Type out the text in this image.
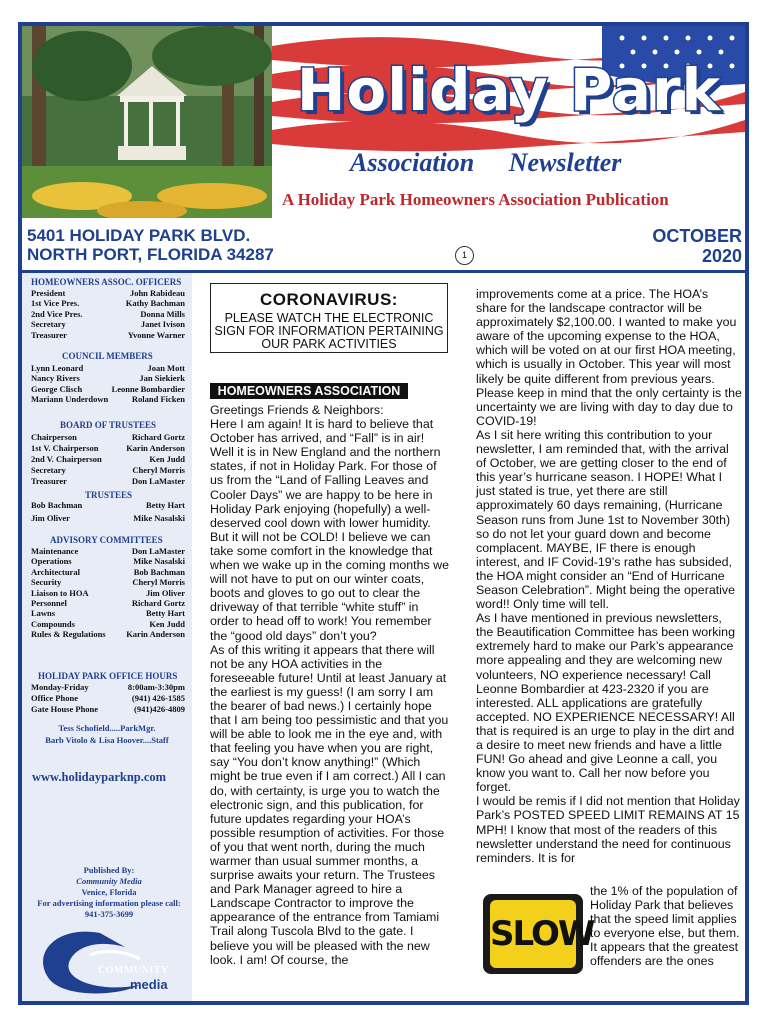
Holiday Park
Association Newsletter
A Holiday Park Homeowners Association Publication
5401 HOLIDAY PARK BLVD.
NORTH PORT, FLORIDA 34287	1
OCTOBER
2020
HOMEOWNERS ASSOC. OFFICERS
COUNCIL MEMBERS
BOARD OF TRUSTEES
TRUSTEES
ADVISORY COMMITTEES
HOLIDAY PARK OFFICE HOURS
President	John Rabideau
1st Vice Pres.	Kathy Bachman
2nd Vice Pres.	Donna Mills
Secretary	Janet Ivison
Treasurer	Yvonne Warner
Lynn Leonard	Joan Mott
Nancy Rivers	Jan Siekierk
George Clisch	Leonne Bombardier
Mariann Underdown	Roland Ficken
Chairperson	Richard Gortz
1st V. Chairperson	Karin Anderson
2nd V. Chairperson	Ken Judd
Secretary	Cheryl Morris
Treasurer	Don LaMaster
Bob Bachman	Betty Hart
Jim Oliver	Mike Nasalski
Maintenance	Don LaMaster
Operations	Mike Nasalski
Architectural	Bob Bachman
Security	Cheryl Morris
Liaison to HOA	Jim Oliver
Personnel	Richard Gortz
Lawns	Betty Hart
Compounds	Ken Judd
Rules & Regulations Karin Anderson
Monday-Friday	8:00am-3:30pm
Office Phone	(941) 426-1585
Gate House Phone	(941)426-4809
Tess Schofield.....ParkMgr.
Barb Vitolo & Lisa Hoover....Staff
www.holidayparknp.com
Published By:
Community Media
Venice, Florida
For advertising information please call:
941-375-3699
COMMUNITY
media
CORONAVIRUS:
PLEASE WATCH THE ELECTRONIC SIGN FOR INFORMATION PERTAINING OUR PARK ACTIVITIES
HOMEOWNERS ASSOCIATION

Greetings Friends & Neighbors:

Here I am again! It is hard to believe that October has arrived, and “Fall” is in air! Well it is in New England and the northern states, if not in Holiday Park. For those of us from the “Land of Falling Leaves and Cooler Days” we are happy to be here in Holiday Park enjoying (hopefully) a well-deserved cool down with lower humidity. But it will not be COLD! I believe we can take some comfort in the knowledge that when we wake up in the coming months we will not have to put on our winter coats, boots and gloves to go out to clear the driveway of that terrible “white stuff” in order to head off to work! You remember the “good old days” don’t you?

As of this writing it appears that there will not be any HOA activities in the foreseeable future! Until at least January at the earliest is my guess! (I am sorry I am the bearer of bad news.) I certainly hope that I am being too pessimistic and that you will be able to look me in the eye and, with that feeling you have when you are right, say “You don’t know anything!” (Which might be true even if I am correct.) All I can do, with certainty, is urge you to watch the electronic sign, and this publication, for future updates regarding your HOA’s possible resumption of activities. For those of you that went north, during the much warmer than usual summer months, a surprise awaits your return. The Trustees and Park Manager agreed to hire a Landscape Contractor to improve the appearance of the entrance from Tamiami Trail along Tuscola Blvd to the gate. I believe you will be pleased with the new look. I am! Of course, the

improvements come at a price. The HOA’s share for the landscape contractor will be approximately $2,100.00. I wanted to make you aware of the upcoming expense to the HOA, which will be voted on at our first HOA meeting, which is usually in October. This year will most likely be quite different from previous years. Please keep in mind that the only certainty is the uncertainty we are living with day to day due to COVID-19!

As I sit here writing this contribution to your newsletter, I am reminded that, with the arrival of October, we are getting closer to the end of this year’s hurricane season. I HOPE! What I just stated is true, yet there are still approximately 60 days remaining, (Hurricane Season runs from June 1st to November 30th) so do not let your guard down and become complacent. MAYBE, IF there is enough interest, and IF Covid-19’s rathe has subsided, the HOA might consider an “End of Hurricane Season Celebration”. Might being the operative word!! Only time will tell.

As I have mentioned in previous newsletters, the Beautification Committee has been working extremely hard to make our Park’s appearance more appealing and they are welcoming new volunteers, NO experience necessary! Call Leonne Bombardier at 423-2320 if you are interested. ALL applications are gratefully accepted. NO EXPERIENCE NECESSARY! All that is required is an urge to play in the dirt and a desire to meet new friends and have a little FUN! Go ahead and give Leonne a call, you know you want to. Call her now before you forget.

I would be remis if I did not mention that Holiday Park’s POSTED SPEED LIMIT REMAINS AT 15 MPH! I know that most of the readers of this newsletter understand the need for continuous reminders. It is for

the 1% of the population of Holiday Park that believes that the speed limit applies to everyone else, but them. It appears that the greatest offenders are the ones

SLOW
